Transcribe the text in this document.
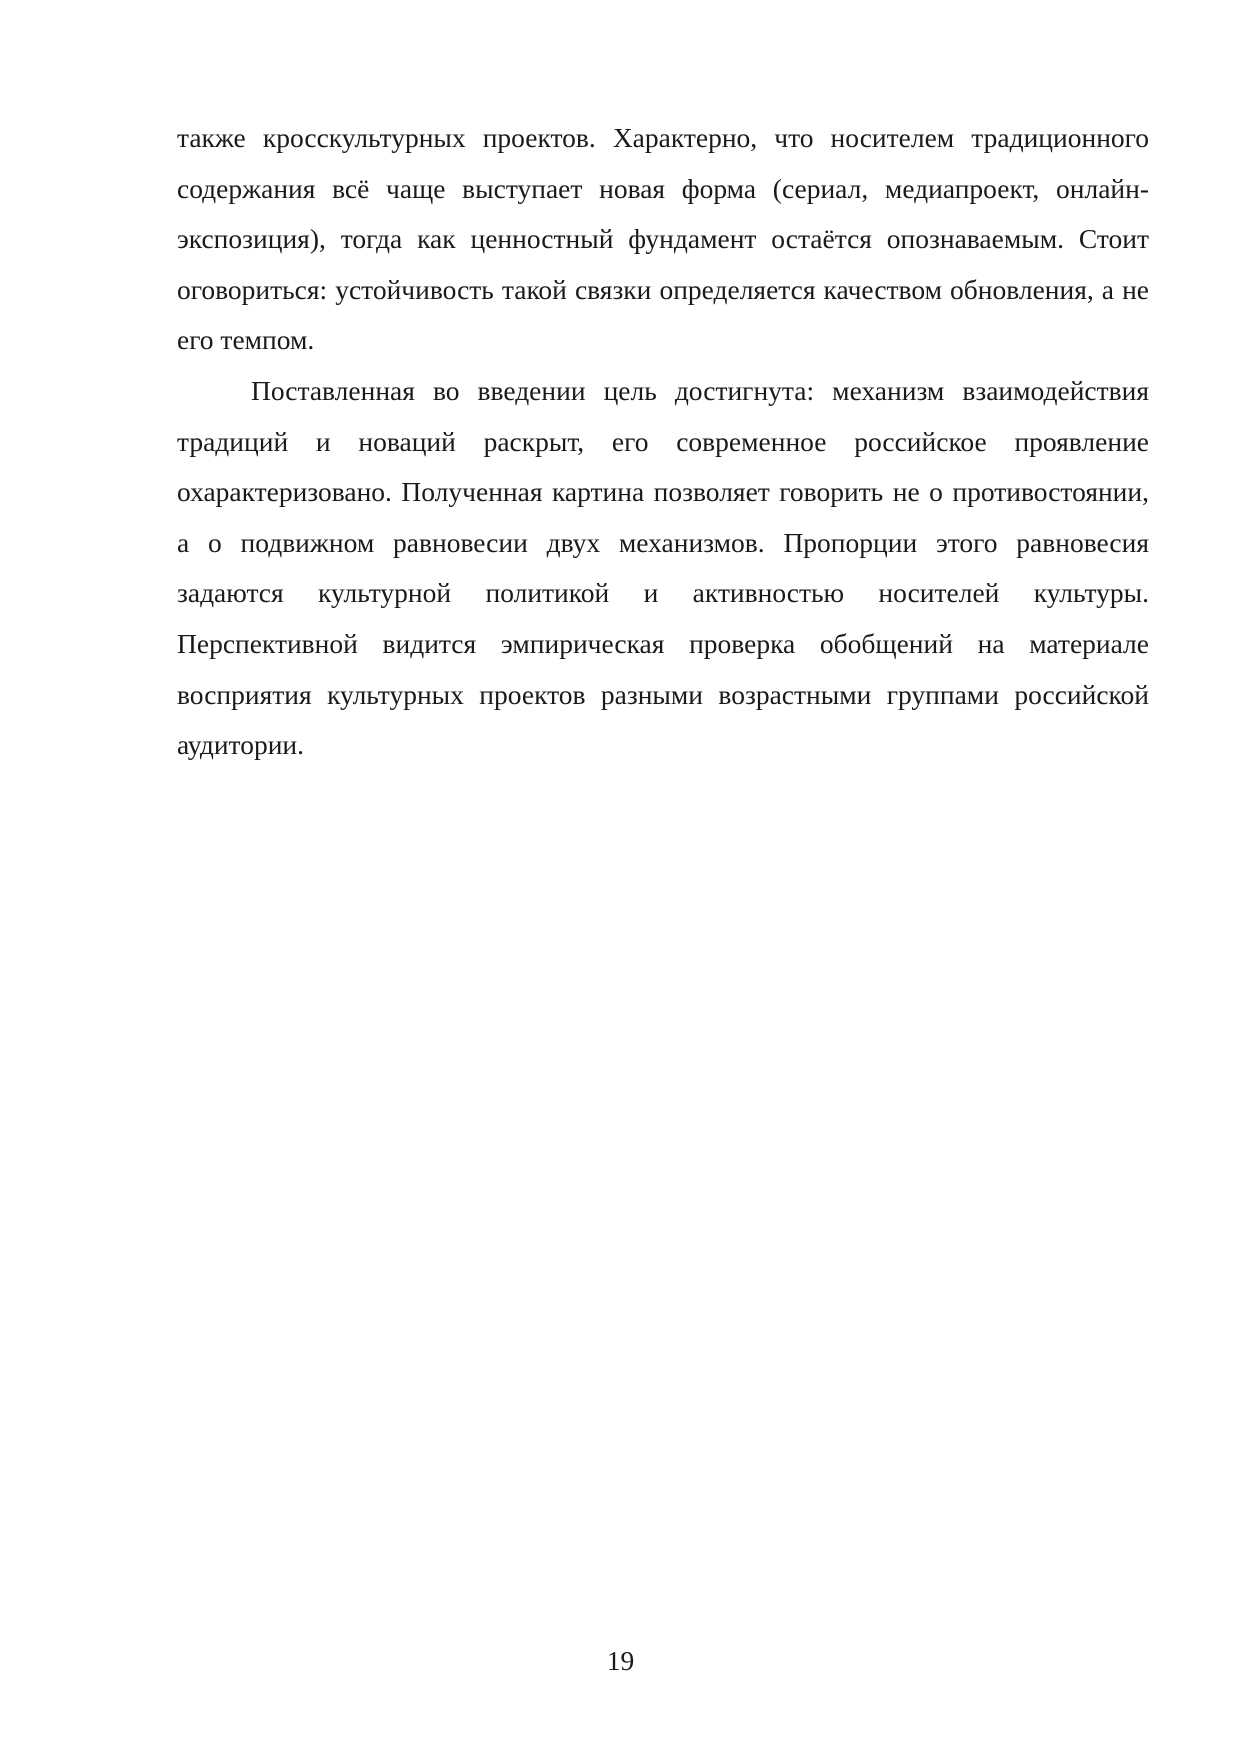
также кросскультурных проектов. Характерно, что носителем традиционного содержания всё чаще выступает новая форма (сериал, медиапроект, онлайн-экспозиция), тогда как ценностный фундамент остаётся опознаваемым. Стоит оговориться: устойчивость такой связки определяется качеством обновления, а не его темпом.

Поставленная во введении цель достигнута: механизм взаимодействия традиций и новаций раскрыт, его современное российское проявление охарактеризовано. Полученная картина позволяет говорить не о противостоянии, а о подвижном равновесии двух механизмов. Пропорции этого равновесия задаются культурной политикой и активностью носителей культуры. Перспективной видится эмпирическая проверка обобщений на материале восприятия культурных проектов разными возрастными группами российской аудитории.

19
